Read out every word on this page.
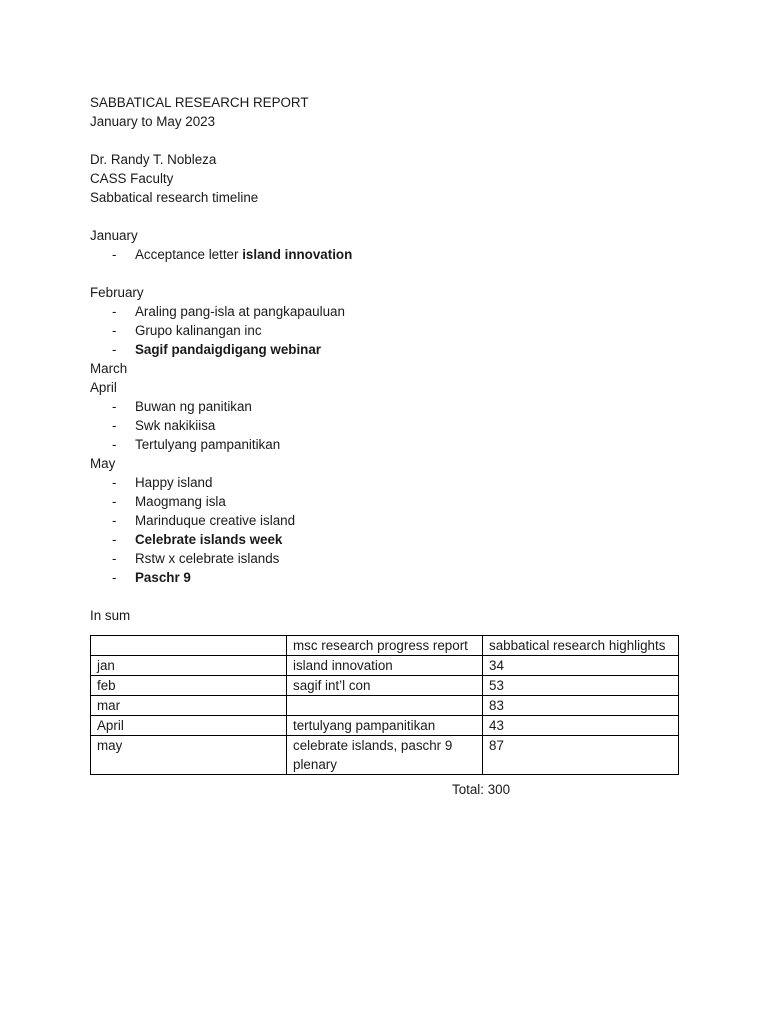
SABBATICAL RESEARCH REPORT
January to May 2023
Dr. Randy T. Nobleza
CASS Faculty
Sabbatical research timeline
January
- Acceptance letter island innovation
February
- Araling pang-isla at pangkapauluan
- Grupo kalinangan inc
- Sagif pandaigdigang webinar
March
April
- Buwan ng panitikan
- Swk nakikiisa
- Tertulyang pampanitikan
May
- Happy island
- Maogmang isla
- Marinduque creative island
- Celebrate islands week
- Rstw x celebrate islands
- Paschr 9
In sum
	msc research progress report	sabbatical research highlights
jan	island innovation	34
feb	sagif int’l con	53
mar		83
April	tertulyang pampanitikan	43
may	celebrate islands, paschr 9 plenary	87
Total: 300
